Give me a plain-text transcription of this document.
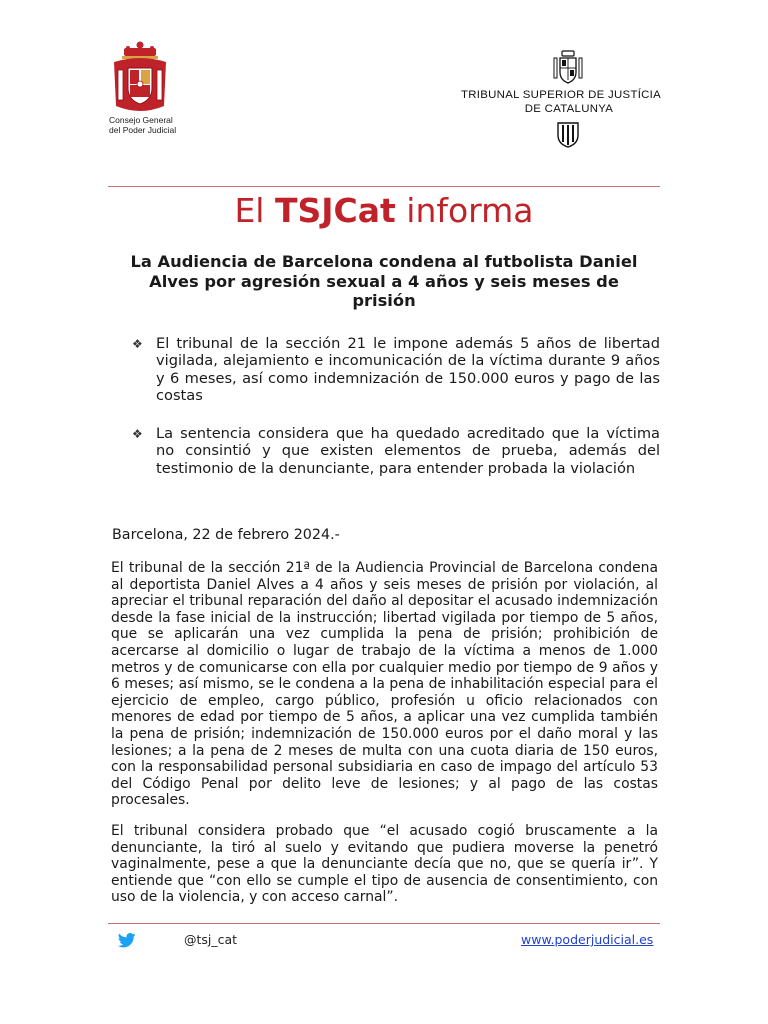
Consejo General
del Poder Judicial
TRIBUNAL SUPERIOR DE JUSTÍCIA
DE CATALUNYA
El TSJCat informa
La Audiencia de Barcelona condena al futbolista Daniel Alves por agresión sexual a 4 años y seis meses de prisión
❖ El tribunal de la sección 21 le impone además 5 años de libertad vigilada, alejamiento e incomunicación de la víctima durante 9 años y 6 meses, así como indemnización de 150.000 euros y pago de las costas
❖ La sentencia considera que ha quedado acreditado que la víctima no consintió y que existen elementos de prueba, además del testimonio de la denunciante, para entender probada la violación
Barcelona, 22 de febrero 2024.-
El tribunal de la sección 21ª de la Audiencia Provincial de Barcelona condena al deportista Daniel Alves a 4 años y seis meses de prisión por violación, al apreciar el tribunal reparación del daño al depositar el acusado indemnización desde la fase inicial de la instrucción; libertad vigilada por tiempo de 5 años, que se aplicarán una vez cumplida la pena de prisión; prohibición de acercarse al domicilio o lugar de trabajo de la víctima a menos de 1.000 metros y de comunicarse con ella por cualquier medio por tiempo de 9 años y 6 meses; así mismo, se le condena a la pena de inhabilitación especial para el ejercicio de empleo, cargo público, profesión u oficio relacionados con menores de edad por tiempo de 5 años, a aplicar una vez cumplida también la pena de prisión; indemnización de 150.000 euros por el daño moral y las lesiones; a la pena de 2 meses de multa con una cuota diaria de 150 euros, con la responsabilidad personal subsidiaria en caso de impago del artículo 53 del Código Penal por delito leve de lesiones; y al pago de las costas procesales.
El tribunal considera probado que “el acusado cogió bruscamente a la denunciante, la tiró al suelo y evitando que pudiera moverse la penetró vaginalmente, pese a que la denunciante decía que no, que se quería ir”. Y entiende que “con ello se cumple el tipo de ausencia de consentimiento, con uso de la violencia, y con acceso carnal”.
@tsj_cat	www.poderjudicial.es
